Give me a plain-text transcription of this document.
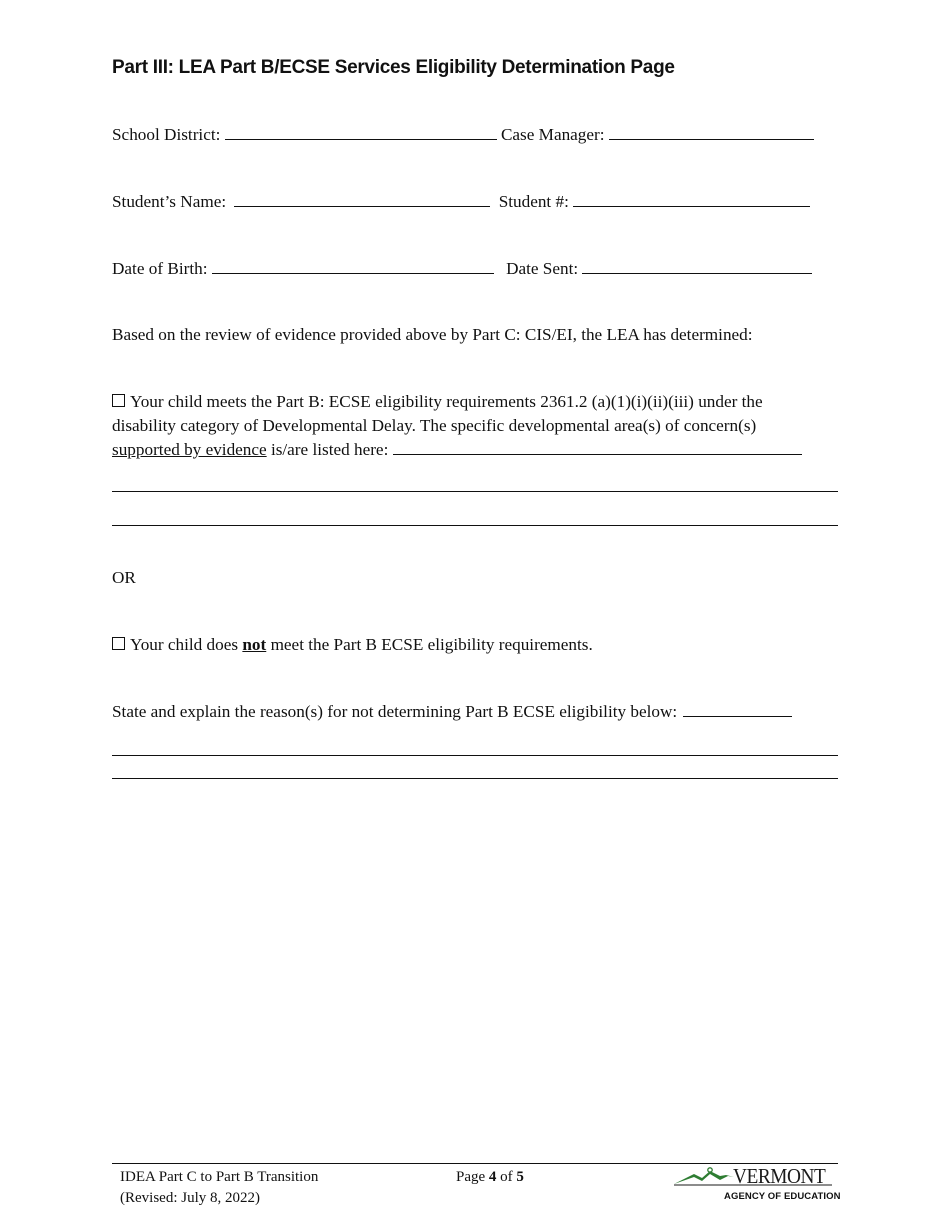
Part III: LEA Part B/ECSE Services Eligibility Determination Page
School District:	Case Manager:
Student’s Name:	Student #:
Date of Birth:	Date Sent:
Based on the review of evidence provided above by Part C: CIS/EI, the LEA has determined:
Your child meets the Part B: ECSE eligibility requirements 2361.2 (a)(1)(i)(ii)(iii) under the
disability category of Developmental Delay. The specific developmental area(s) of concern(s)
supported by evidence is/are listed here:
OR
Your child does not meet the Part B ECSE eligibility requirements.
State and explain the reason(s) for not determining Part B ECSE eligibility below:
IDEA Part C to Part B Transition
(Revised: July 8, 2022)
Page 4 of 5	VERMONT
AGENCY OF EDUCATION
